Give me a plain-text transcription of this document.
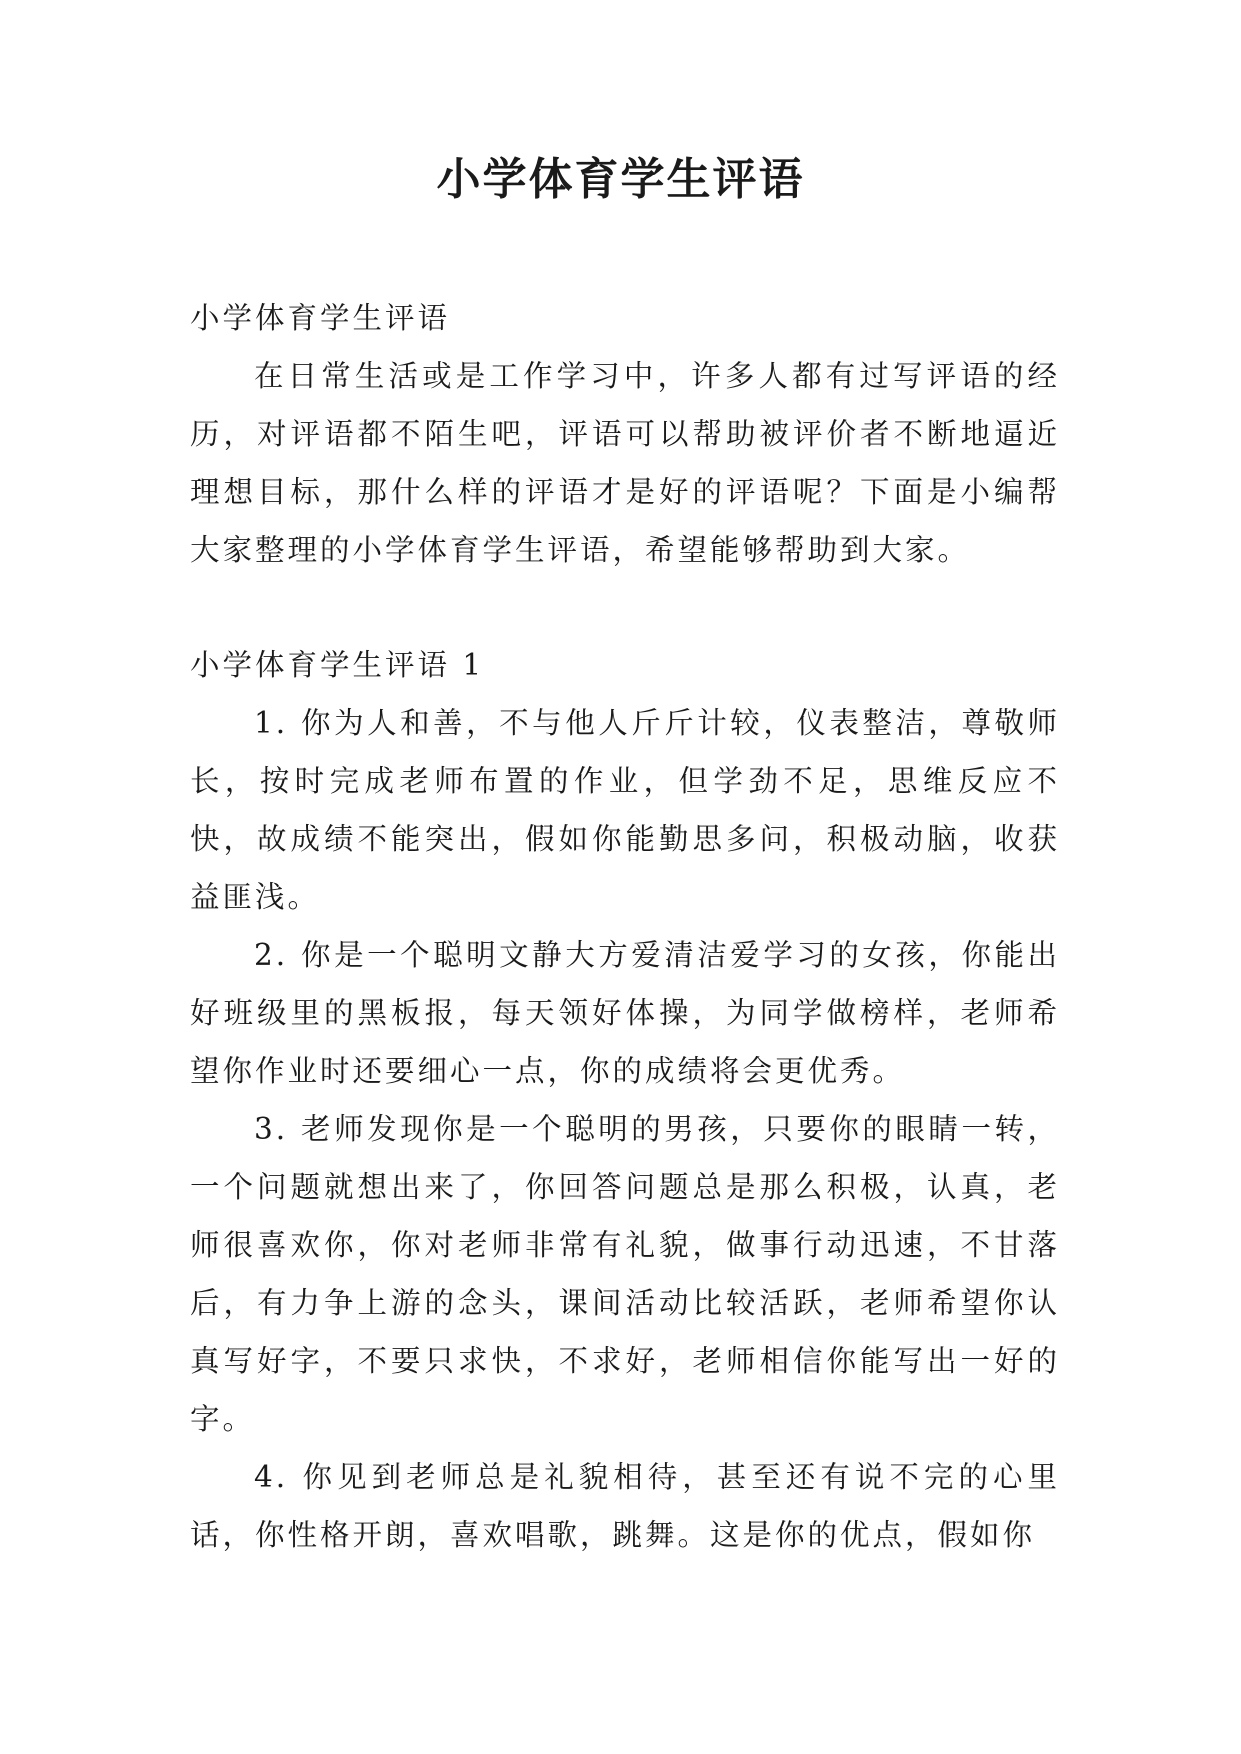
小学体育学生评语

小学体育学生评语

在日常生活或是工作学习中，许多人都有过写评语的经历，对评语都不陌生吧，评语可以帮助被评价者不断地逼近理想目标，那什么样的评语才是好的评语呢？下面是小编帮大家整理的小学体育学生评语，希望能够帮助到大家。

小学体育学生评语 1

1. 你为人和善，不与他人斤斤计较，仪表整洁，尊敬师长，按时完成老师布置的作业，但学劲不足，思维反应不快，故成绩不能突出，假如你能勤思多问，积极动脑，收获益匪浅。

2. 你是一个聪明文静大方爱清洁爱学习的女孩，你能出好班级里的黑板报，每天领好体操，为同学做榜样，老师希望你作业时还要细心一点，你的成绩将会更优秀。

3. 老师发现你是一个聪明的男孩，只要你的眼睛一转，一个问题就想出来了，你回答问题总是那么积极，认真，老师很喜欢你，你对老师非常有礼貌，做事行动迅速，不甘落后，有力争上游的念头，课间活动比较活跃，老师希望你认真写好字，不要只求快，不求好，老师相信你能写出一好的字。

4. 你见到老师总是礼貌相待，甚至还有说不完的心里话，你性格开朗，喜欢唱歌，跳舞。这是你的优点，假如你
